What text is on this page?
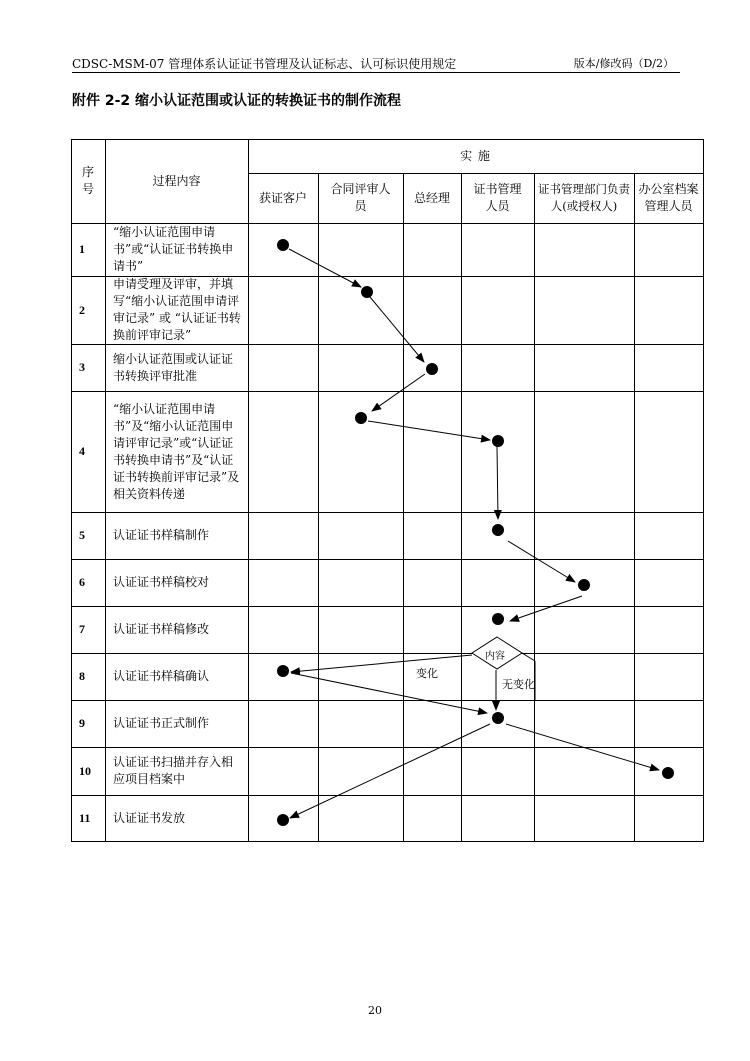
CDSC-MSM-07 管理体系认证证书管理及认证标志、认可标识使用规定	版本/修改码（D/2）
附件 2-2 缩小认证范围或认证的转换证书的制作流程
序号
过程内容
实 施
获证客户
合同评审人员
总经理
证书管理人员
证书管理部门负责人(或授权人)
办公室档案管理人员
1
2
3
4
5
6
7
8
9
10
11
“缩小认证范围申请书”或“认证证书转换申请书”
申请受理及评审，并填写“缩小认证范围申请评审记录” 或 “认证证书转换前评审记录”
缩小认证范围或认证证书转换评审批准
“缩小认证范围申请书”及“缩小认证范围申请评审记录”或“认证证书转换申请书”及“认证证书转换前评审记录”及相关资料传递
认证证书样稿制作
认证证书样稿校对
认证证书样稿修改
认证证书样稿确认
认证证书正式制作
认证证书扫描并存入相应项目档案中
认证证书发放
内容
变化
无变化
20
